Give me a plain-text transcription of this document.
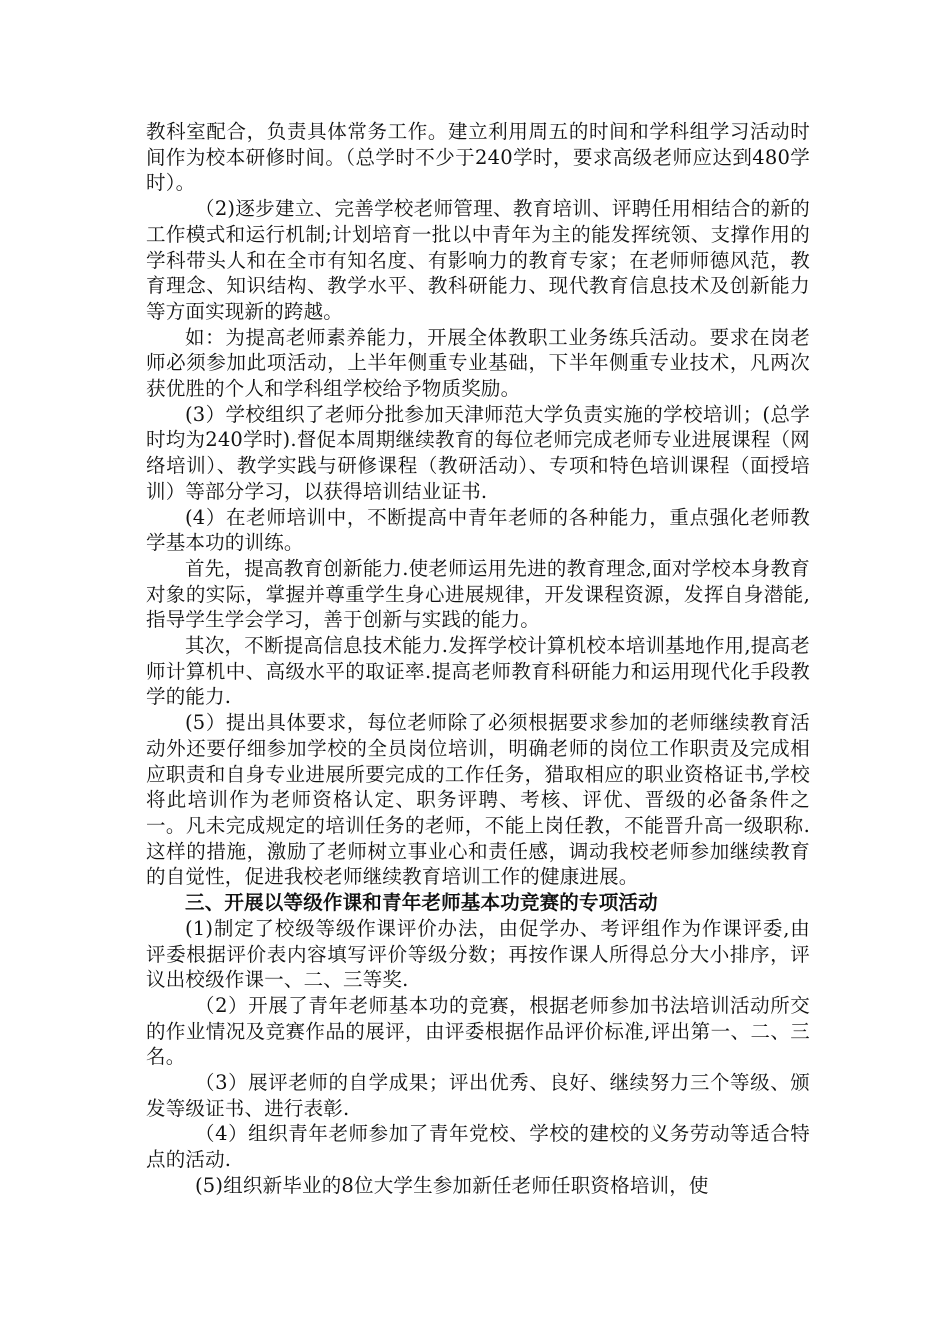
教科室配合，负责具体常务工作。建立利用周五的时间和学科组学习活动时间作为校本研修时间。（总学时不少于240学时，要求高级老师应达到480学时）。

（2)逐步建立、完善学校老师管理、教育培训、评聘任用相结合的新的工作模式和运行机制;计划培育一批以中青年为主的能发挥统领、支撑作用的学科带头人和在全市有知名度、有影响力的教育专家；在老师师德风范，教育理念、知识结构、教学水平、教科研能力、现代教育信息技术及创新能力等方面实现新的跨越。

如：为提高老师素养能力，开展全体教职工业务练兵活动。要求在岗老师必须参加此项活动，上半年侧重专业基础，下半年侧重专业技术，凡两次获优胜的个人和学科组学校给予物质奖励。

(3）学校组织了老师分批参加天津师范大学负责实施的学校培训；(总学时均为240学时).督促本周期继续教育的每位老师完成老师专业进展课程（网络培训）、教学实践与研修课程（教研活动）、专项和特色培训课程（面授培训）等部分学习，以获得培训结业证书.

(4）在老师培训中，不断提高中青年老师的各种能力，重点强化老师教学基本功的训练。

首先，提高教育创新能力.使老师运用先进的教育理念,面对学校本身教育对象的实际，掌握并尊重学生身心进展规律，开发课程资源，发挥自身潜能,指导学生学会学习，善于创新与实践的能力。

其次，不断提高信息技术能力.发挥学校计算机校本培训基地作用,提高老师计算机中、高级水平的取证率.提高老师教育科研能力和运用现代化手段教学的能力.

(5）提出具体要求，每位老师除了必须根据要求参加的老师继续教育活动外还要仔细参加学校的全员岗位培训，明确老师的岗位工作职责及完成相应职责和自身专业进展所要完成的工作任务，猎取相应的职业资格证书,学校将此培训作为老师资格认定、职务评聘、考核、评优、晋级的必备条件之一。凡未完成规定的培训任务的老师，不能上岗任教，不能晋升高一级职称.这样的措施，激励了老师树立事业心和责任感，调动我校老师参加继续教育的自觉性，促进我校老师继续教育培训工作的健康进展。

三、开展以等级作课和青年老师基本功竞赛的专项活动

(1)制定了校级等级作课评价办法，由促学办、考评组作为作课评委,由评委根据评价表内容填写评价等级分数；再按作课人所得总分大小排序，评议出校级作课一、二、三等奖.

（2）开展了青年老师基本功的竞赛，根据老师参加书法培训活动所交的作业情况及竞赛作品的展评，由评委根据作品评价标准,评出第一、二、三名。

（3）展评老师的自学成果；评出优秀、良好、继续努力三个等级、颁发等级证书、进行表彰.

（4）组织青年老师参加了青年党校、学校的建校的义务劳动等适合特点的活动.

(5)组织新毕业的8位大学生参加新任老师任职资格培训，使
